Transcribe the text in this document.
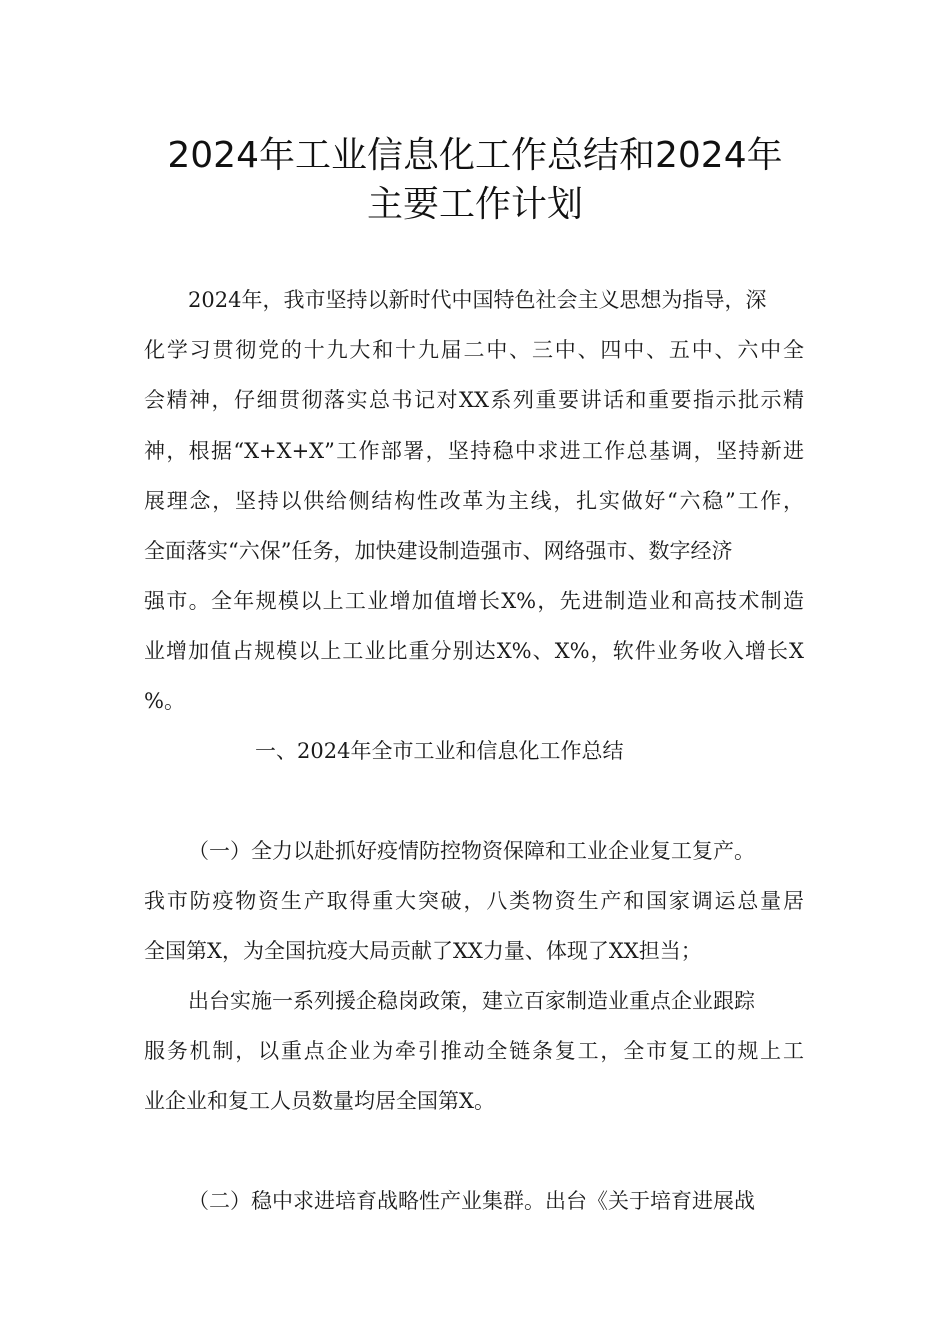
2024年工业信息化工作总结和2024年
主要工作计划
2024年，我市坚持以新时代中国特色社会主义思想为指导，深
化学习贯彻党的十九大和十九届二中、三中、四中、五中、六中全
会精神，仔细贯彻落实总书记对XX系列重要讲话和重要指示批示精
神，根据“X+X+X”工作部署，坚持稳中求进工作总基调，坚持新进
展理念，坚持以供给侧结构性改革为主线，扎实做好“六稳”工作，
全面落实“六保”任务，加快建设制造强市、网络强市、数字经济
强市。全年规模以上工业增加值增长X%，先进制造业和高技术制造
业增加值占规模以上工业比重分别达X%、X%，软件业务收入增长X
%。
一、2024年全市工业和信息化工作总结
（一）全力以赴抓好疫情防控物资保障和工业企业复工复产。
我市防疫物资生产取得重大突破，八类物资生产和国家调运总量居
全国第X，为全国抗疫大局贡献了XX力量、体现了XX担当；
出台实施一系列援企稳岗政策，建立百家制造业重点企业跟踪
服务机制，以重点企业为牵引推动全链条复工，全市复工的规上工
业企业和复工人员数量均居全国第X。
（二）稳中求进培育战略性产业集群。出台《关于培育进展战
